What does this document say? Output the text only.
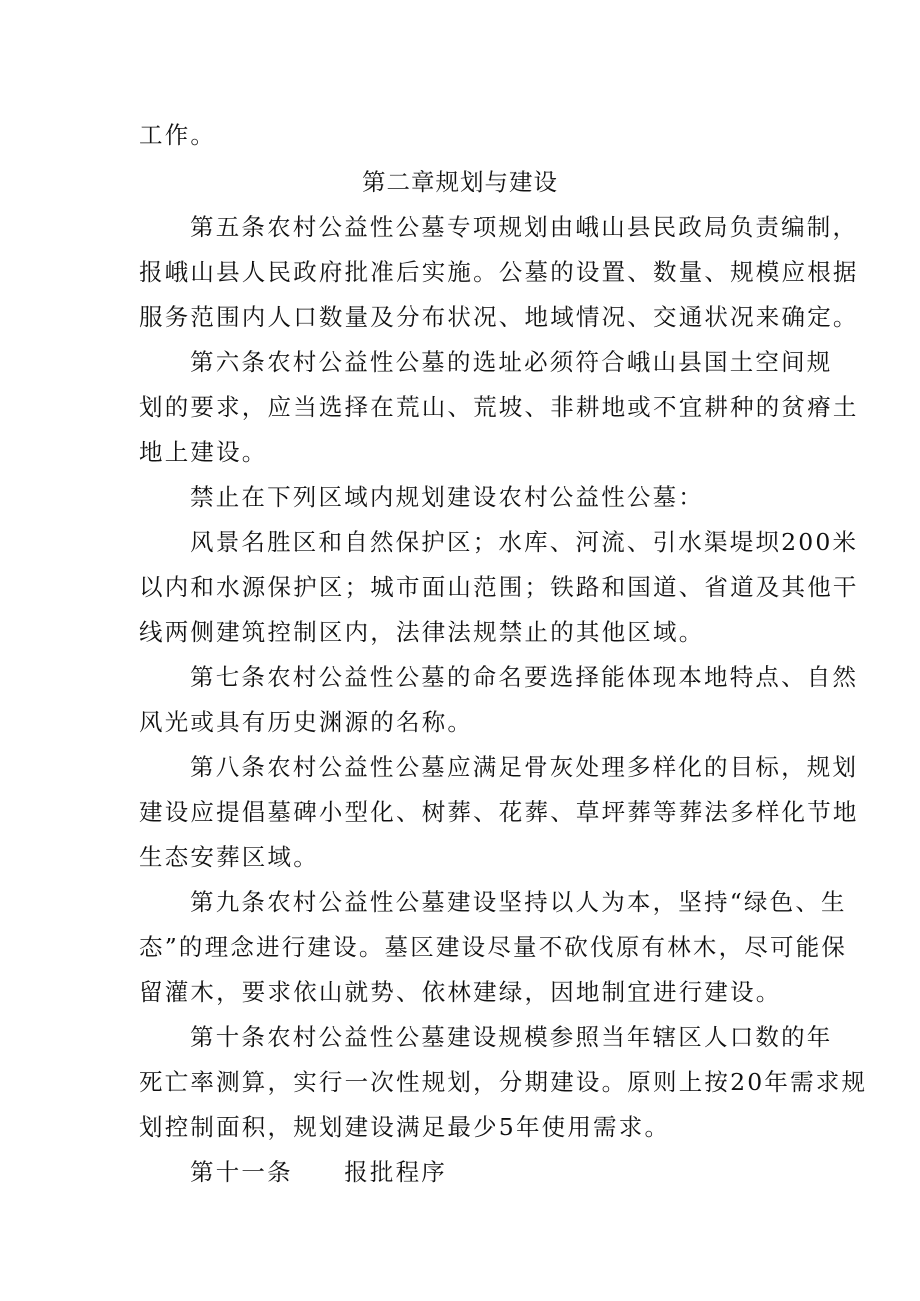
工作。
第二章规划与建设
第五条农村公益性公墓专项规划由峨山县民政局负责编制，
报峨山县人民政府批准后实施。公墓的设置、数量、规模应根据
服务范围内人口数量及分布状况、地域情况、交通状况来确定。
第六条农村公益性公墓的选址必须符合峨山县国土空间规
划的要求，应当选择在荒山、荒坡、非耕地或不宜耕种的贫瘠土
地上建设。
禁止在下列区域内规划建设农村公益性公墓：
风景名胜区和自然保护区；水库、河流、引水渠堤坝200米
以内和水源保护区；城市面山范围；铁路和国道、省道及其他干
线两侧建筑控制区内，法律法规禁止的其他区域。
第七条农村公益性公墓的命名要选择能体现本地特点、自然
风光或具有历史渊源的名称。
第八条农村公益性公墓应满足骨灰处理多样化的目标，规划
建设应提倡墓碑小型化、树葬、花葬、草坪葬等葬法多样化节地
生态安葬区域。
第九条农村公益性公墓建设坚持以人为本，坚持“绿色、生
态”的理念进行建设。墓区建设尽量不砍伐原有林木，尽可能保
留灌木，要求依山就势、依林建绿，因地制宜进行建设。
第十条农村公益性公墓建设规模参照当年辖区人口数的年
死亡率测算，实行一次性规划，分期建设。原则上按20年需求规
划控制面积，规划建设满足最少5年使用需求。
第十一条　　报批程序
